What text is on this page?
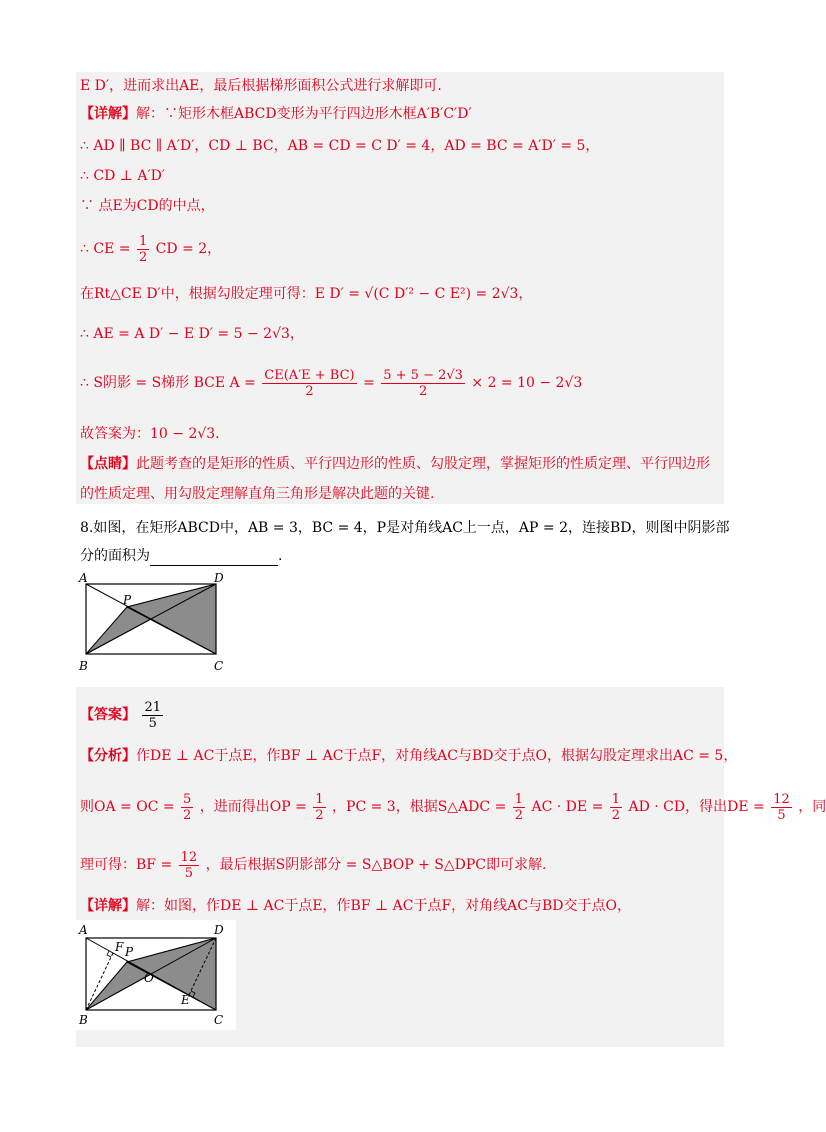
E D′，进而求出AE，最后根据梯形面积公式进行求解即可.
【详解】解：∵矩形木框ABCD变形为平行四边形木框A′B′C′D′
∴ AD ∥ BC ∥ A′D′，CD ⊥ BC，AB = CD = C D′ = 4，AD = BC = A′D′ = 5，
∴ CD ⊥ A′D′
∵ 点E为CD的中点，
∴ CE = $\frac{1}{2}$ CD = 2，
在Rt△CE D′中，根据勾股定理可得：E D′ = √(C D′² − C E²) = 2√3，
∴ AE = A D′ − E D′ = 5 − 2√3，
∴ S阴影 = S梯形 BCE $A = \frac{CE(A'E + BC)}{2} = \frac{5 + 5 - 2√3}{2} \times 2 = 10 - 2√3$
故答案为：10 − 2√3.
【点睛】此题考查的是矩形的性质、平行四边形的性质、勾股定理，掌握矩形的性质定理、平行四边形
的性质定理、用勾股定理解直角三角形是解决此题的关键.
8.如图，在矩形ABCD中，AB = 3，BC = 4，P是对角线AC上一点，AP = 2，连接BD，则图中阴影部
分的面积为	.
A	D
B	C
P
【答案】 $\frac{21}{5}$
【分析】作DE ⊥ AC于点E，作BF ⊥ AC于点F，对角线AC与BD交于点O，根据勾股定理求出AC = 5，
则OA = OC = $\frac{5}{2}$ ，进而得出OP = $\frac{1}{2}$ ，PC = 3，根据S△ADC = $\frac{1}{2}$ AC · DE = $\frac{1}{2}$ AD · CD，得出DE = $\frac{12}{5}$ ，同
理可得：BF = $\frac{12}{5}$ ，最后根据S阴影部分 = S△BOP + S△DPC即可求解.
【详解】解：如图，作DE ⊥ AC于点E，作BF ⊥ AC于点F，对角线AC与BD交于点O，
A	D
B	C
F P
O
E
